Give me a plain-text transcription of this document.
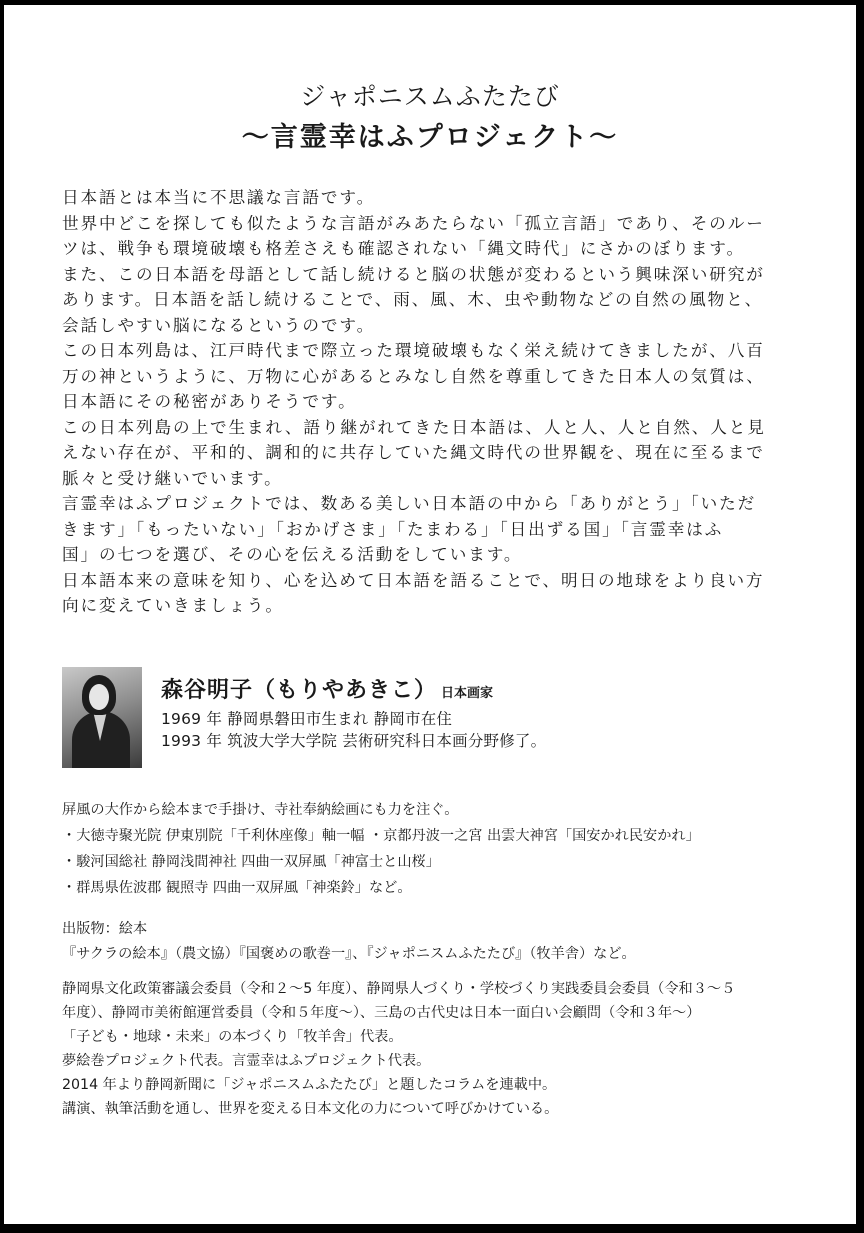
ジャポニスムふたたび
～言霊幸はふプロジェクト～

日本語とは本当に不思議な言語です。

世界中どこを探しても似たような言語がみあたらない「孤立言語」であり、そのルー

ツは、戦争も環境破壊も格差さえも確認されない「縄文時代」にさかのぼります。

また、この日本語を母語として話し続けると脳の状態が変わるという興味深い研究が

あります。日本語を話し続けることで、雨、風、木、虫や動物などの自然の風物と、

会話しやすい脳になるというのです。

この日本列島は、江戸時代まで際立った環境破壊もなく栄え続けてきましたが、八百

万の神というように、万物に心があるとみなし自然を尊重してきた日本人の気質は、

日本語にその秘密がありそうです。

この日本列島の上で生まれ、語り継がれてきた日本語は、人と人、人と自然、人と見

えない存在が、平和的、調和的に共存していた縄文時代の世界観を、現在に至るまで

脈々と受け継いでいます。

言霊幸はふプロジェクトでは、数ある美しい日本語の中から「ありがとう」「いただ

きます」「もったいない」「おかげさま」「たまわる」「日出ずる国」「言霊幸はふ

国」の七つを選び、その心を伝える活動をしています。

日本語本来の意味を知り、心を込めて日本語を語ることで、明日の地球をより良い方

向に変えていきましょう。

森谷明子（もりやあきこ） 日本画家

1969 年 静岡県磐田市生まれ 静岡市在住

1993 年 筑波大学大学院 芸術研究科日本画分野修了。

屏風の大作から絵本まで手掛け、寺社奉納絵画にも力を注ぐ。

・大徳寺聚光院 伊東別院「千利休座像」軸一幅 ・京都丹波一之宮 出雲大神宮「国安かれ民安かれ」

・駿河国総社 静岡浅間神社 四曲一双屏風「神富士と山桜」

・群馬県佐波郡 観照寺 四曲一双屏風「神楽鈴」など。

出版物：絵本

『サクラの絵本』（農文協）『国褒めの歌巻一』、『ジャポニスムふたたび』（牧羊舎）など。

静岡県文化政策審議会委員（令和２～5 年度）、静岡県人づくり・学校づくり実践委員会委員（令和３～５

年度）、静岡市美術館運営委員（令和５年度～）、三島の古代史は日本一面白い会顧問（令和３年～）

「子ども・地球・未来」の本づくり「牧羊舎」代表。

夢絵巻プロジェクト代表。言霊幸はふプロジェクト代表。

2014 年より静岡新聞に「ジャポニスムふたたび」と題したコラムを連載中。

講演、執筆活動を通し、世界を変える日本文化の力について呼びかけている。
